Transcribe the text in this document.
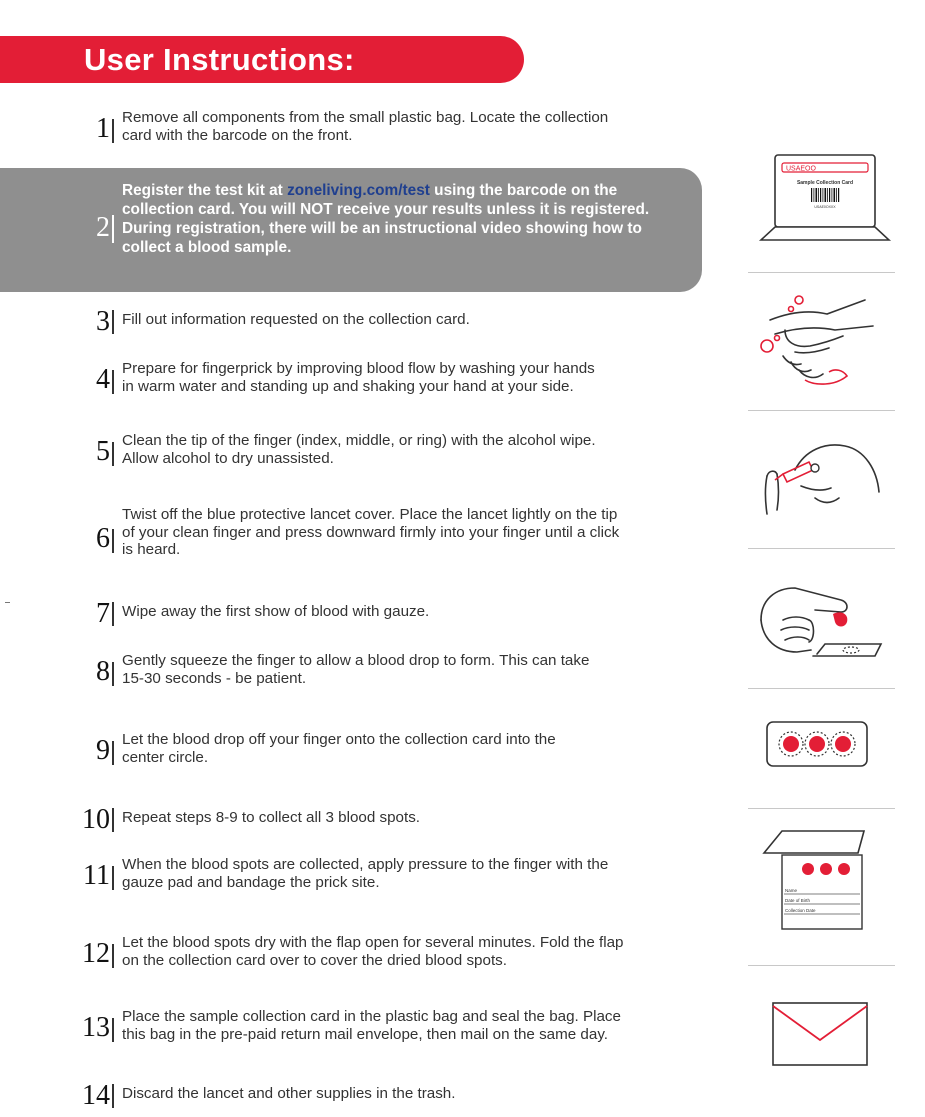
User Instructions:
1 Remove all components from the small plastic bag. Locate the collection
card with the barcode on the front.
2
Register the test kit at zoneliving.com/test using the barcode on the collection card. You will NOT receive your results unless it is registered. During registration, there will be an instructional video showing how to collect a blood sample.
3 Fill out information requested on the collection card.
4 Prepare for fingerprick by improving blood flow by washing your hands
in warm water and standing up and shaking your hand at your side.
5 Clean the tip of the finger (index, middle, or ring) with the alcohol wipe.
Allow alcohol to dry unassisted.
6
Twist off the blue protective lancet cover. Place the lancet lightly on the tip
of your clean finger and press downward firmly into your finger until a click
is heard.
7 Wipe away the first show of blood with gauze.
8 Gently squeeze the finger to allow a blood drop to form. This can take
15-30 seconds - be patient.
9 Let the blood drop off your finger onto the collection card into the
center circle.
10 Repeat steps 8-9 to collect all 3 blood spots.
11 When the blood spots are collected, apply pressure to the finger with the
gauze pad and bandage the prick site.
12 Let the blood spots dry with the flap open for several minutes. Fold the flap
on the collection card over to cover the dried blood spots.
13 Place the sample collection card in the plastic bag and seal the bag. Place
this bag in the pre-paid return mail envelope, then mail on the same day.
14 Discard the lancet and other supplies in the trash.
USAEOO
Sample Collection Card
USAE0OXXX
Name
Date of Birth
Collection Date
